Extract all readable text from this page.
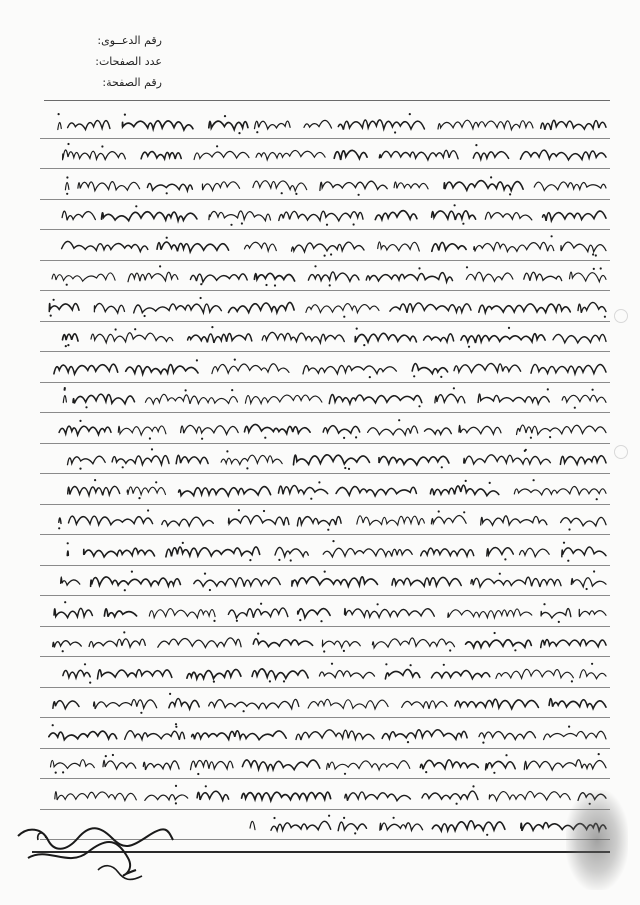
رقم الدعــوى:
عدد الصفحات:
رقم الصفحة:
